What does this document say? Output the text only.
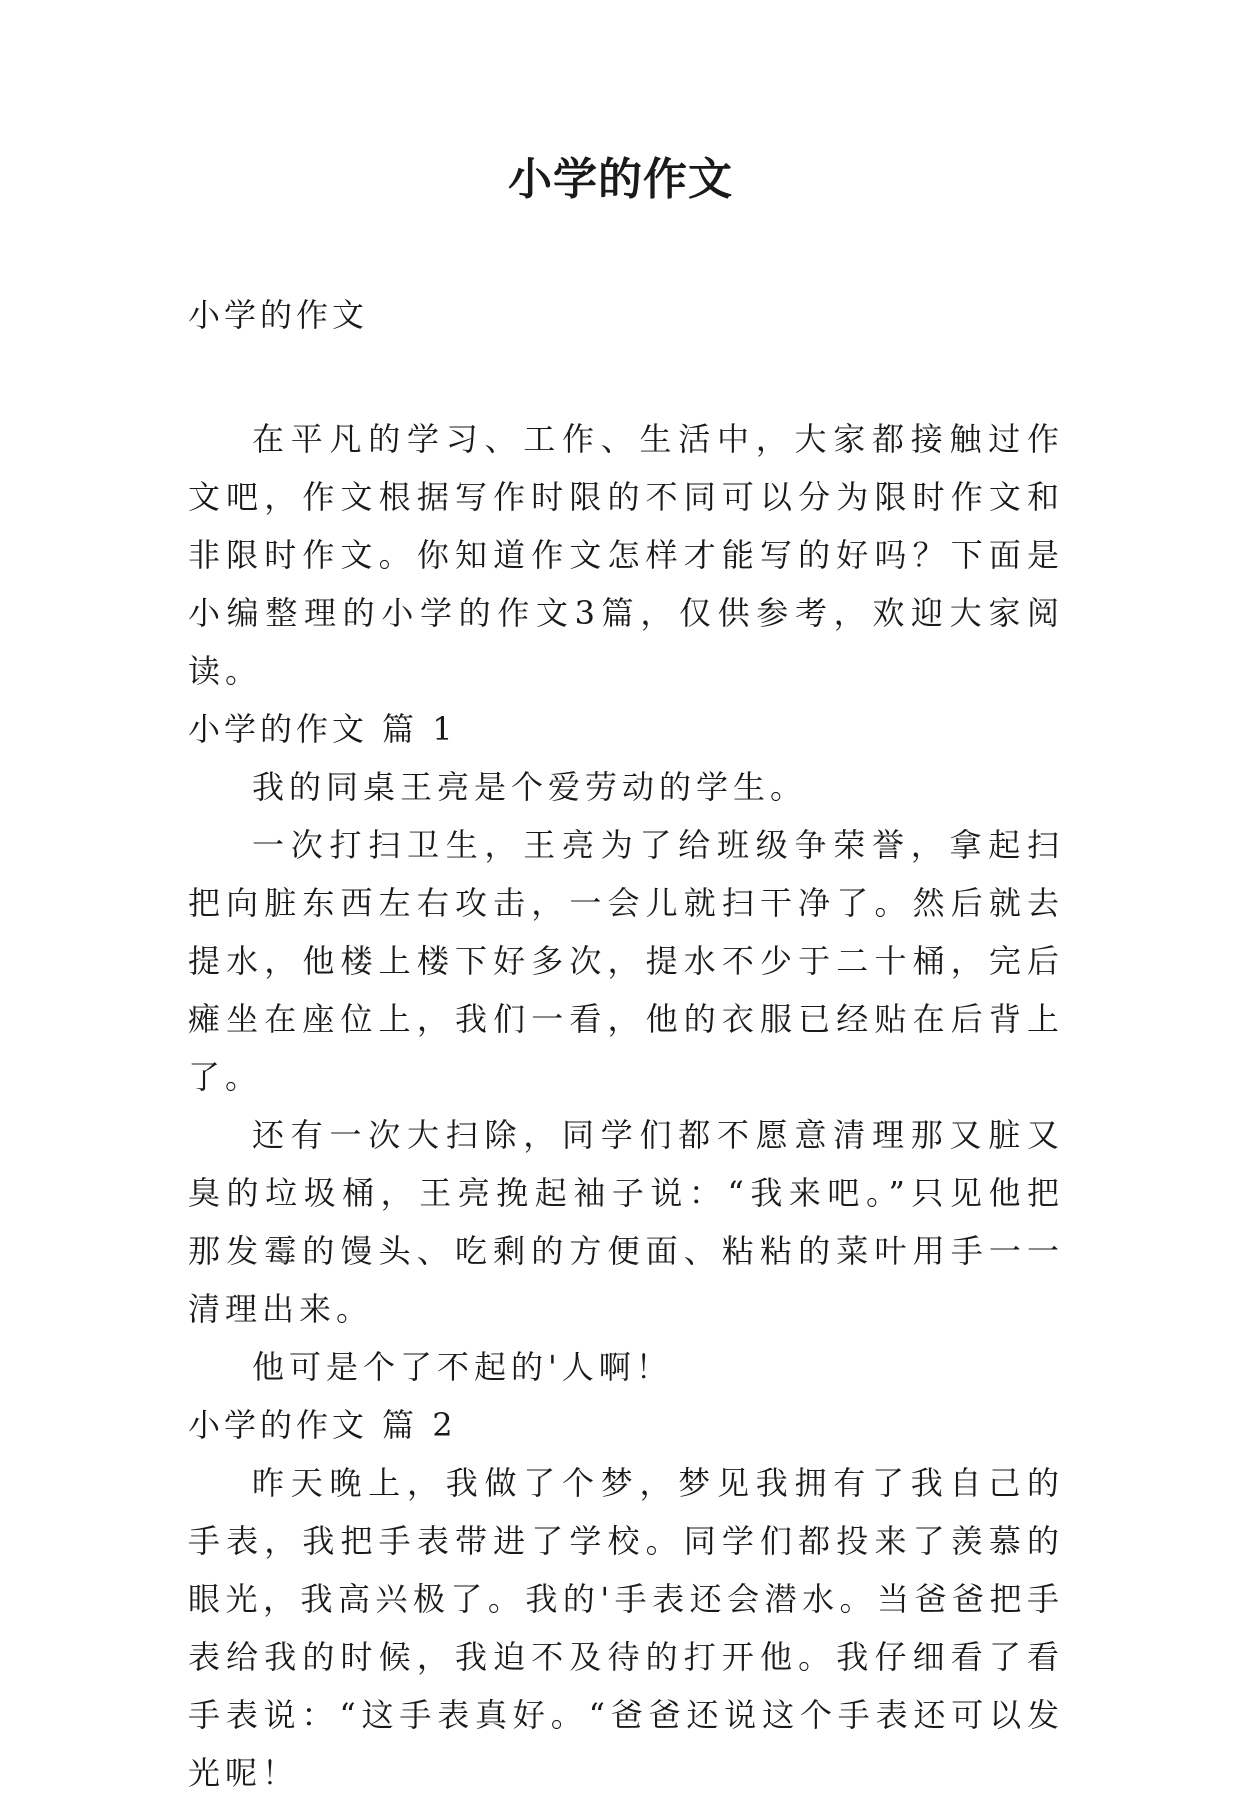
小学的作文

小学的作文

在平凡的学习、工作、生活中，大家都接触过作文吧，作文根据写作时限的不同可以分为限时作文和非限时作文。你知道作文怎样才能写的好吗？下面是小编整理的小学的作文3篇，仅供参考，欢迎大家阅读。

小学的作文 篇 1

我的同桌王亮是个爱劳动的学生。

一次打扫卫生，王亮为了给班级争荣誉，拿起扫把向脏东西左右攻击，一会儿就扫干净了。然后就去提水，他楼上楼下好多次，提水不少于二十桶，完后瘫坐在座位上，我们一看，他的衣服已经贴在后背上了。

还有一次大扫除，同学们都不愿意清理那又脏又臭的垃圾桶，王亮挽起袖子说：“我来吧。”只见他把那发霉的馒头、吃剩的方便面、粘粘的菜叶用手一一清理出来。

他可是个了不起的'人啊！

小学的作文 篇 2

昨天晚上，我做了个梦，梦见我拥有了我自己的手表，我把手表带进了学校。同学们都投来了羡慕的眼光，我高兴极了。我的'手表还会潜水。当爸爸把手表给我的时候，我迫不及待的打开他。我仔细看了看手表说：“这手表真好。“爸爸还说这个手表还可以发光呢！
